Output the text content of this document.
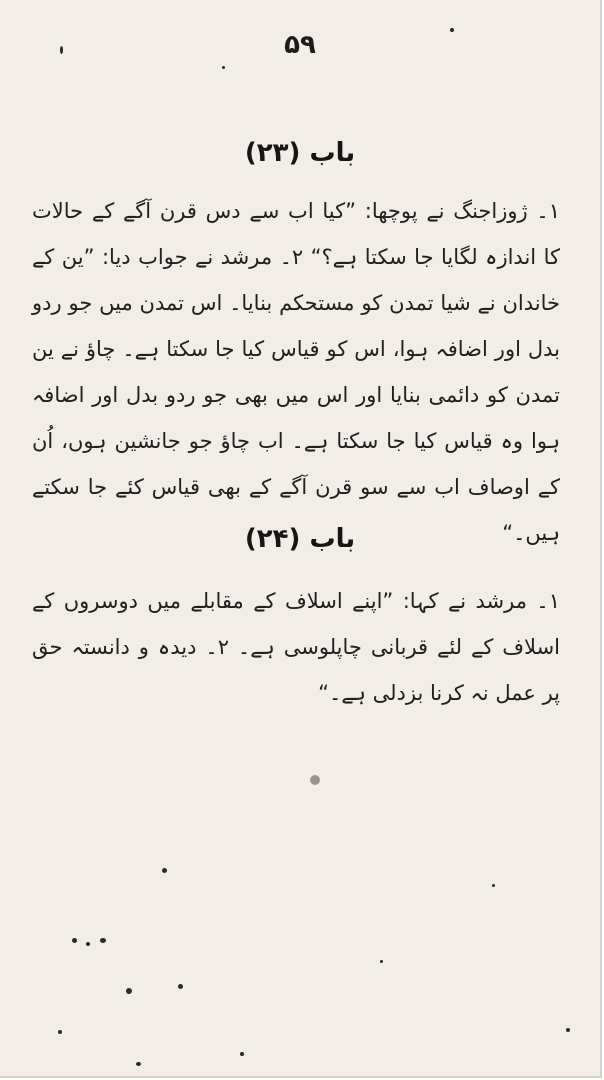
۵۹
باب (۲۳)
۱۔ ژوزاجنگ نے پوچھا: ”کیا اب سے دس قرن آگے کے حالات کا اندازہ لگایا جا سکتا ہے؟“ ۲۔ مرشد نے جواب دیا: ”ین کے خاندان نے شیا تمدن کو مستحکم بنایا۔ اس تمدن میں جو ردو بدل اور اضافہ ہوا، اس کو قیاس کیا جا سکتا ہے۔ چاؤ نے ین تمدن کو دائمی بنایا اور اس میں بھی جو ردو بدل اور اضافہ ہوا وہ قیاس کیا جا سکتا ہے۔ اب چاؤ جو جانشین ہوں، اُن کے اوصاف اب سے سو قرن آگے کے بھی قیاس کئے جا سکتے ہیں۔“
باب (۲۴)
۱۔ مرشد نے کہا: ”اپنے اسلاف کے مقابلے میں دوسروں کے اسلاف کے لئے قربانی چاپلوسی ہے۔ ۲۔ دیدہ و دانستہ حق پر عمل نہ کرنا بزدلی ہے۔“
